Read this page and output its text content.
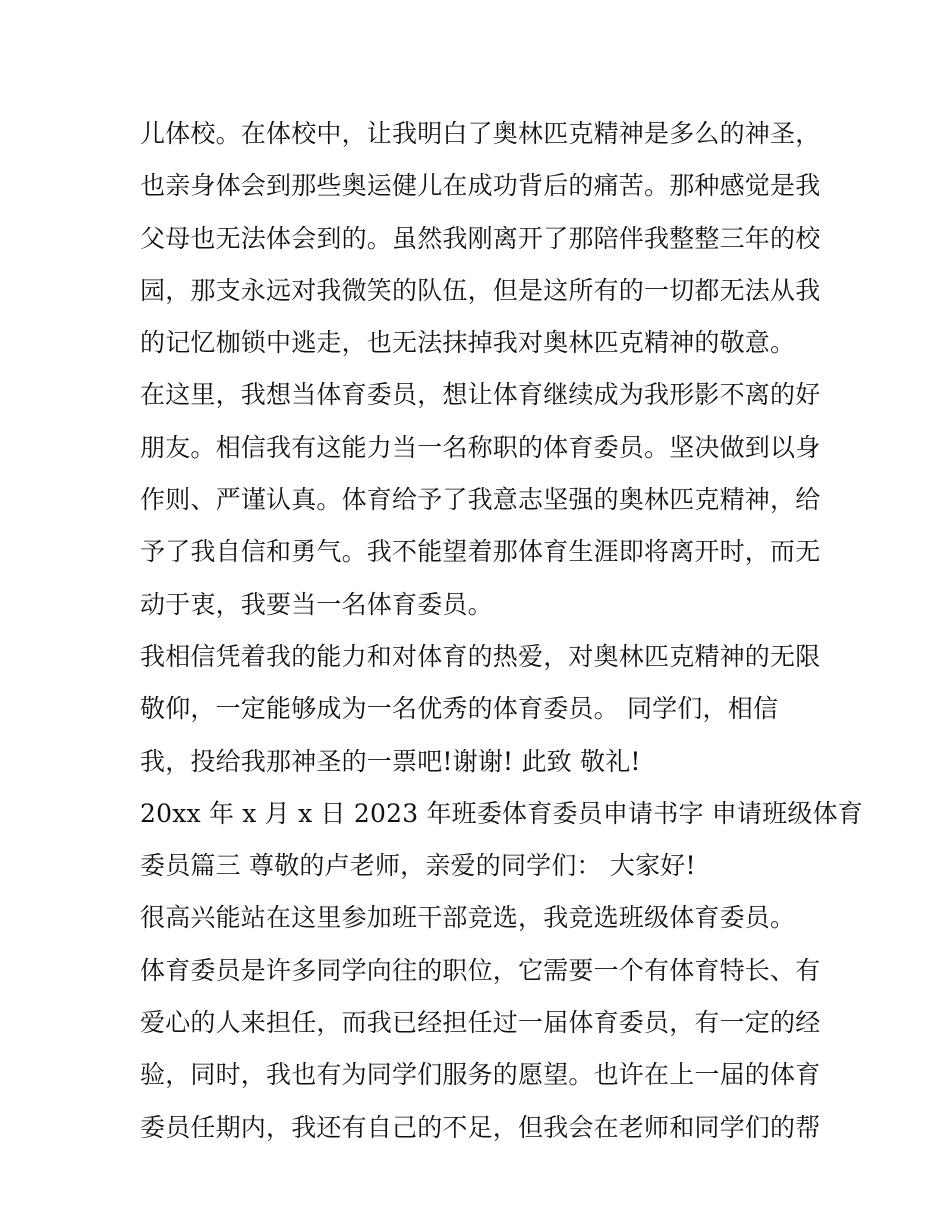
儿体校。在体校中，让我明白了奥林匹克精神是多么的神圣，
也亲身体会到那些奥运健儿在成功背后的痛苦。那种感觉是我
父母也无法体会到的。虽然我刚离开了那陪伴我整整三年的校
园，那支永远对我微笑的队伍，但是这所有的一切都无法从我
的记忆枷锁中逃走，也无法抹掉我对奥林匹克精神的敬意。
在这里，我想当体育委员，想让体育继续成为我形影不离的好
朋友。相信我有这能力当一名称职的体育委员。坚决做到以身
作则、严谨认真。体育给予了我意志坚强的奥林匹克精神，给
予了我自信和勇气。我不能望着那体育生涯即将离开时，而无
动于衷，我要当一名体育委员。
我相信凭着我的能力和对体育的热爱，对奥林匹克精神的无限
敬仰，一定能够成为一名优秀的体育委员。 同学们，相信
我，投给我那神圣的一票吧!谢谢! 此致 敬礼!
20xx 年 x 月 x 日 2023 年班委体育委员申请书字 申请班级体育
委员篇三 尊敬的卢老师，亲爱的同学们： 大家好!
很高兴能站在这里参加班干部竞选，我竞选班级体育委员。
体育委员是许多同学向往的职位，它需要一个有体育特长、有
爱心的人来担任，而我已经担任过一届体育委员，有一定的经
验，同时，我也有为同学们服务的愿望。也许在上一届的体育
委员任期内，我还有自己的不足，但我会在老师和同学们的帮
